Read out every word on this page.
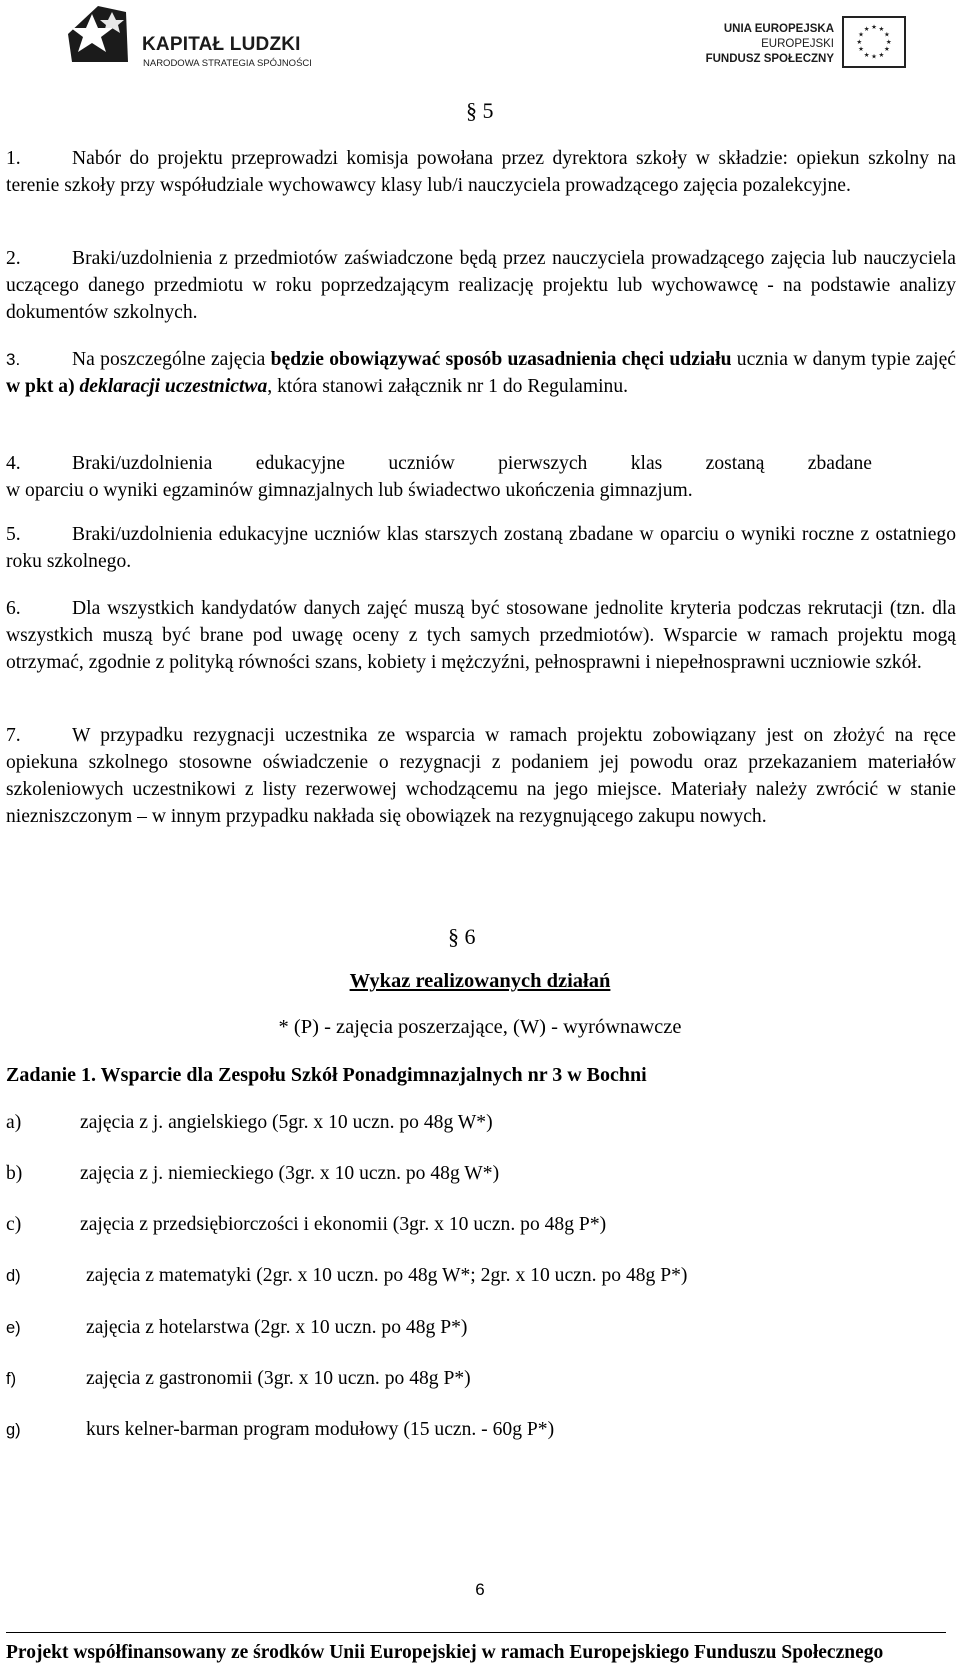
KAPITAŁ LUDZKI
NARODOWA STRATEGIA SPÓJNOŚCI
UNIA EUROPEJSKA
EUROPEJSKI
FUNDUSZ SPOŁECZNY
★ ★
★
★
★
★
★
★
★
★
★
★
§ 5

1.	Nabór do projektu przeprowadzi komisja powołana przez dyrektora szkoły w składzie: opiekun szkolny na terenie szkoły przy współudziale wychowawcy klasy lub/i nauczyciela prowadzącego zajęcia pozalekcyjne.

2.	Braki/uzdolnienia z przedmiotów zaświadczone będą przez nauczyciela prowadzącego zajęcia lub nauczyciela uczącego danego przedmiotu w roku poprzedzającym realizację projektu lub wychowawcę - na podstawie analizy dokumentów szkolnych.

3.	Na poszczególne zajęcia będzie obowiązywać sposób uzasadnienia chęci udziału ucznia w danym typie zajęć w pkt a) deklaracji uczestnictwa, która stanowi załącznik nr 1 do Regulaminu.

4.	Braki/uzdolnienia edukacyjne uczniów pierwszych klas zostaną zbadane
w oparciu o wyniki egzaminów gimnazjalnych lub świadectwo ukończenia gimnazjum.

5.	Braki/uzdolnienia edukacyjne uczniów klas starszych zostaną zbadane w oparciu o wyniki roczne z ostatniego roku szkolnego.

6.	Dla wszystkich kandydatów danych zajęć muszą być stosowane jednolite kryteria podczas rekrutacji (tzn. dla wszystkich muszą być brane pod uwagę oceny z tych samych przedmiotów). Wsparcie w ramach projektu mogą otrzymać, zgodnie z polityką równości szans, kobiety i mężczyźni, pełnosprawni i niepełnosprawni uczniowie szkół.

7.	W przypadku rezygnacji uczestnika ze wsparcia w ramach projektu zobowiązany jest on złożyć na ręce opiekuna szkolnego stosowne oświadczenie o rezygnacji z podaniem jej powodu oraz przekazaniem materiałów szkoleniowych uczestnikowi z listy rezerwowej wchodzącemu na jego miejsce. Materiały należy zwrócić w stanie niezniszczonym – w innym przypadku nakłada się obowiązek na rezygnującego zakupu nowych.

§ 6
Wykaz realizowanych działań
* (P) - zajęcia poszerzające, (W) - wyrównawcze
Zadanie 1. Wsparcie dla Zespołu Szkół Ponadgimnazjalnych nr 3 w Bochni
a)	zajęcia z j. angielskiego (5gr. x 10 uczn. po 48g W*)
b)	zajęcia z j. niemieckiego (3gr. x 10 uczn. po 48g W*)
c)	zajęcia z przedsiębiorczości i ekonomii (3gr. x 10 uczn. po 48g P*)
d)	zajęcia z matematyki (2gr. x 10 uczn. po 48g W*; 2gr. x 10 uczn. po 48g P*)
e)	zajęcia z hotelarstwa (2gr. x 10 uczn. po 48g P*)
f)	zajęcia z gastronomii (3gr. x 10 uczn. po 48g P*)
g)	kurs kelner-barman program modułowy (15 uczn. - 60g P*)
6
Projekt współfinansowany ze środków Unii Europejskiej w ramach Europejskiego Funduszu Społecznego
